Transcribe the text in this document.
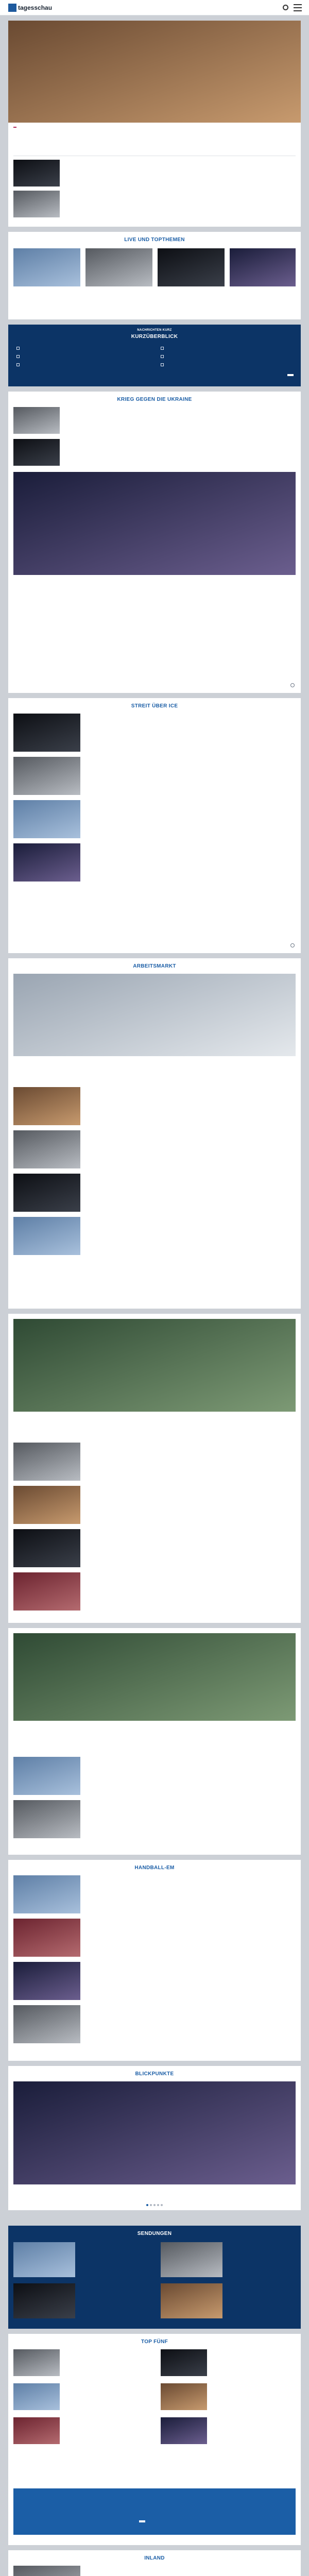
tagesschau
LIVE UND TOPTHEMEN
NACHRICHTEN KURZ
KURZÜBERBLICK
KRIEG GEGEN DIE UKRAINE
STREIT ÜBER ICE
ARBEITSMARKT
HANDBALL-EM
BLICKPUNKTE
SENDUNGEN
TOP FÜNF
INLAND
